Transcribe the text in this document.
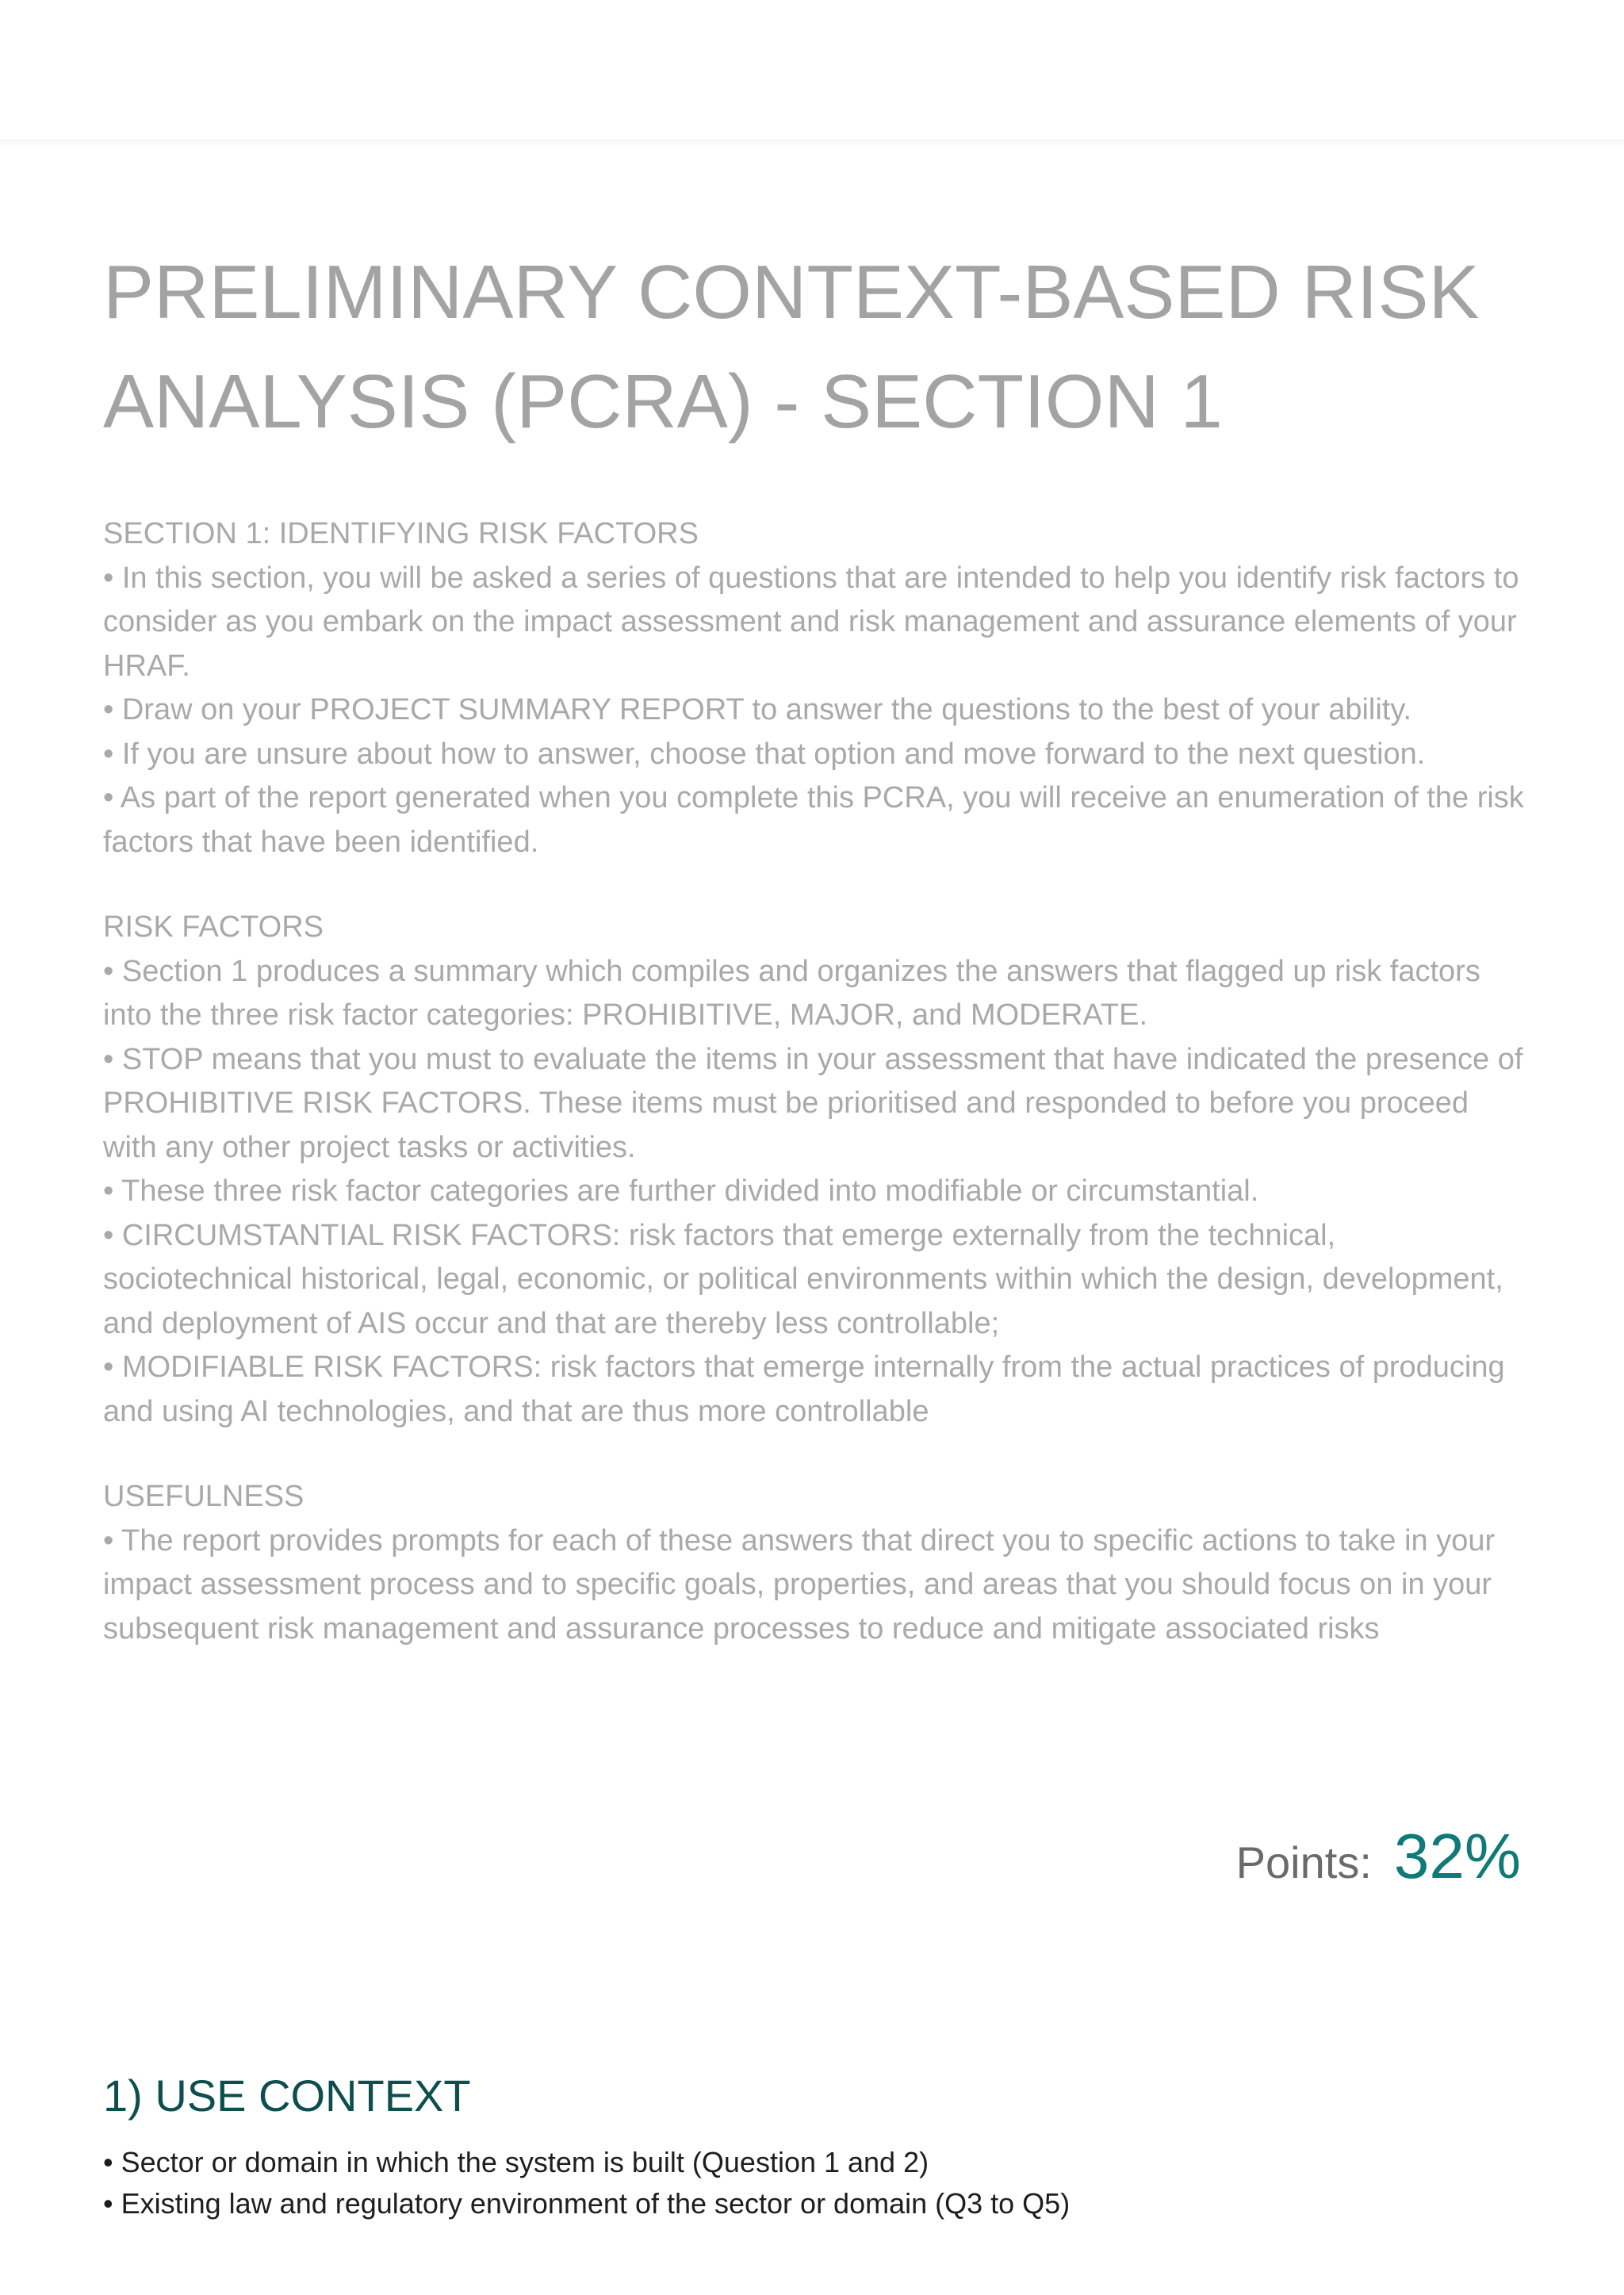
PRELIMINARY CONTEXT-BASED RISK
ANALYSIS (PCRA) - SECTION 1

SECTION 1: IDENTIFYING RISK FACTORS

• In this section, you will be asked a series of questions that are intended to help you identify risk factors to consider as you embark on the impact assessment and risk management and assurance elements of your HRAF.

• Draw on your PROJECT SUMMARY REPORT to answer the questions to the best of your ability.

• If you are unsure about how to answer, choose that option and move forward to the next question.

• As part of the report generated when you complete this PCRA, you will receive an enumeration of the risk factors that have been identified.

RISK FACTORS

• Section 1 produces a summary which compiles and organizes the answers that flagged up risk factors into the three risk factor categories: PROHIBITIVE, MAJOR, and MODERATE.

• STOP means that you must to evaluate the items in your assessment that have indicated the presence of PROHIBITIVE RISK FACTORS. These items must be prioritised and responded to before you proceed with any other project tasks or activities.

• These three risk factor categories are further divided into modifiable or circumstantial.

• CIRCUMSTANTIAL RISK FACTORS: risk factors that emerge externally from the technical, sociotechnical historical, legal, economic, or political environments within which the design, development, and deployment of AIS occur and that are thereby less controllable;

• MODIFIABLE RISK FACTORS: risk factors that emerge internally from the actual practices of producing and using AI technologies, and that are thus more controllable

USEFULNESS

• The report provides prompts for each of these answers that direct you to specific actions to take in your impact assessment process and to specific goals, properties, and areas that you should focus on in your subsequent risk management and assurance processes to reduce and mitigate associated risks

Points: 32%
1) USE CONTEXT

• Sector or domain in which the system is built (Question 1 and 2)

• Existing law and regulatory environment of the sector or domain (Q3 to Q5)
